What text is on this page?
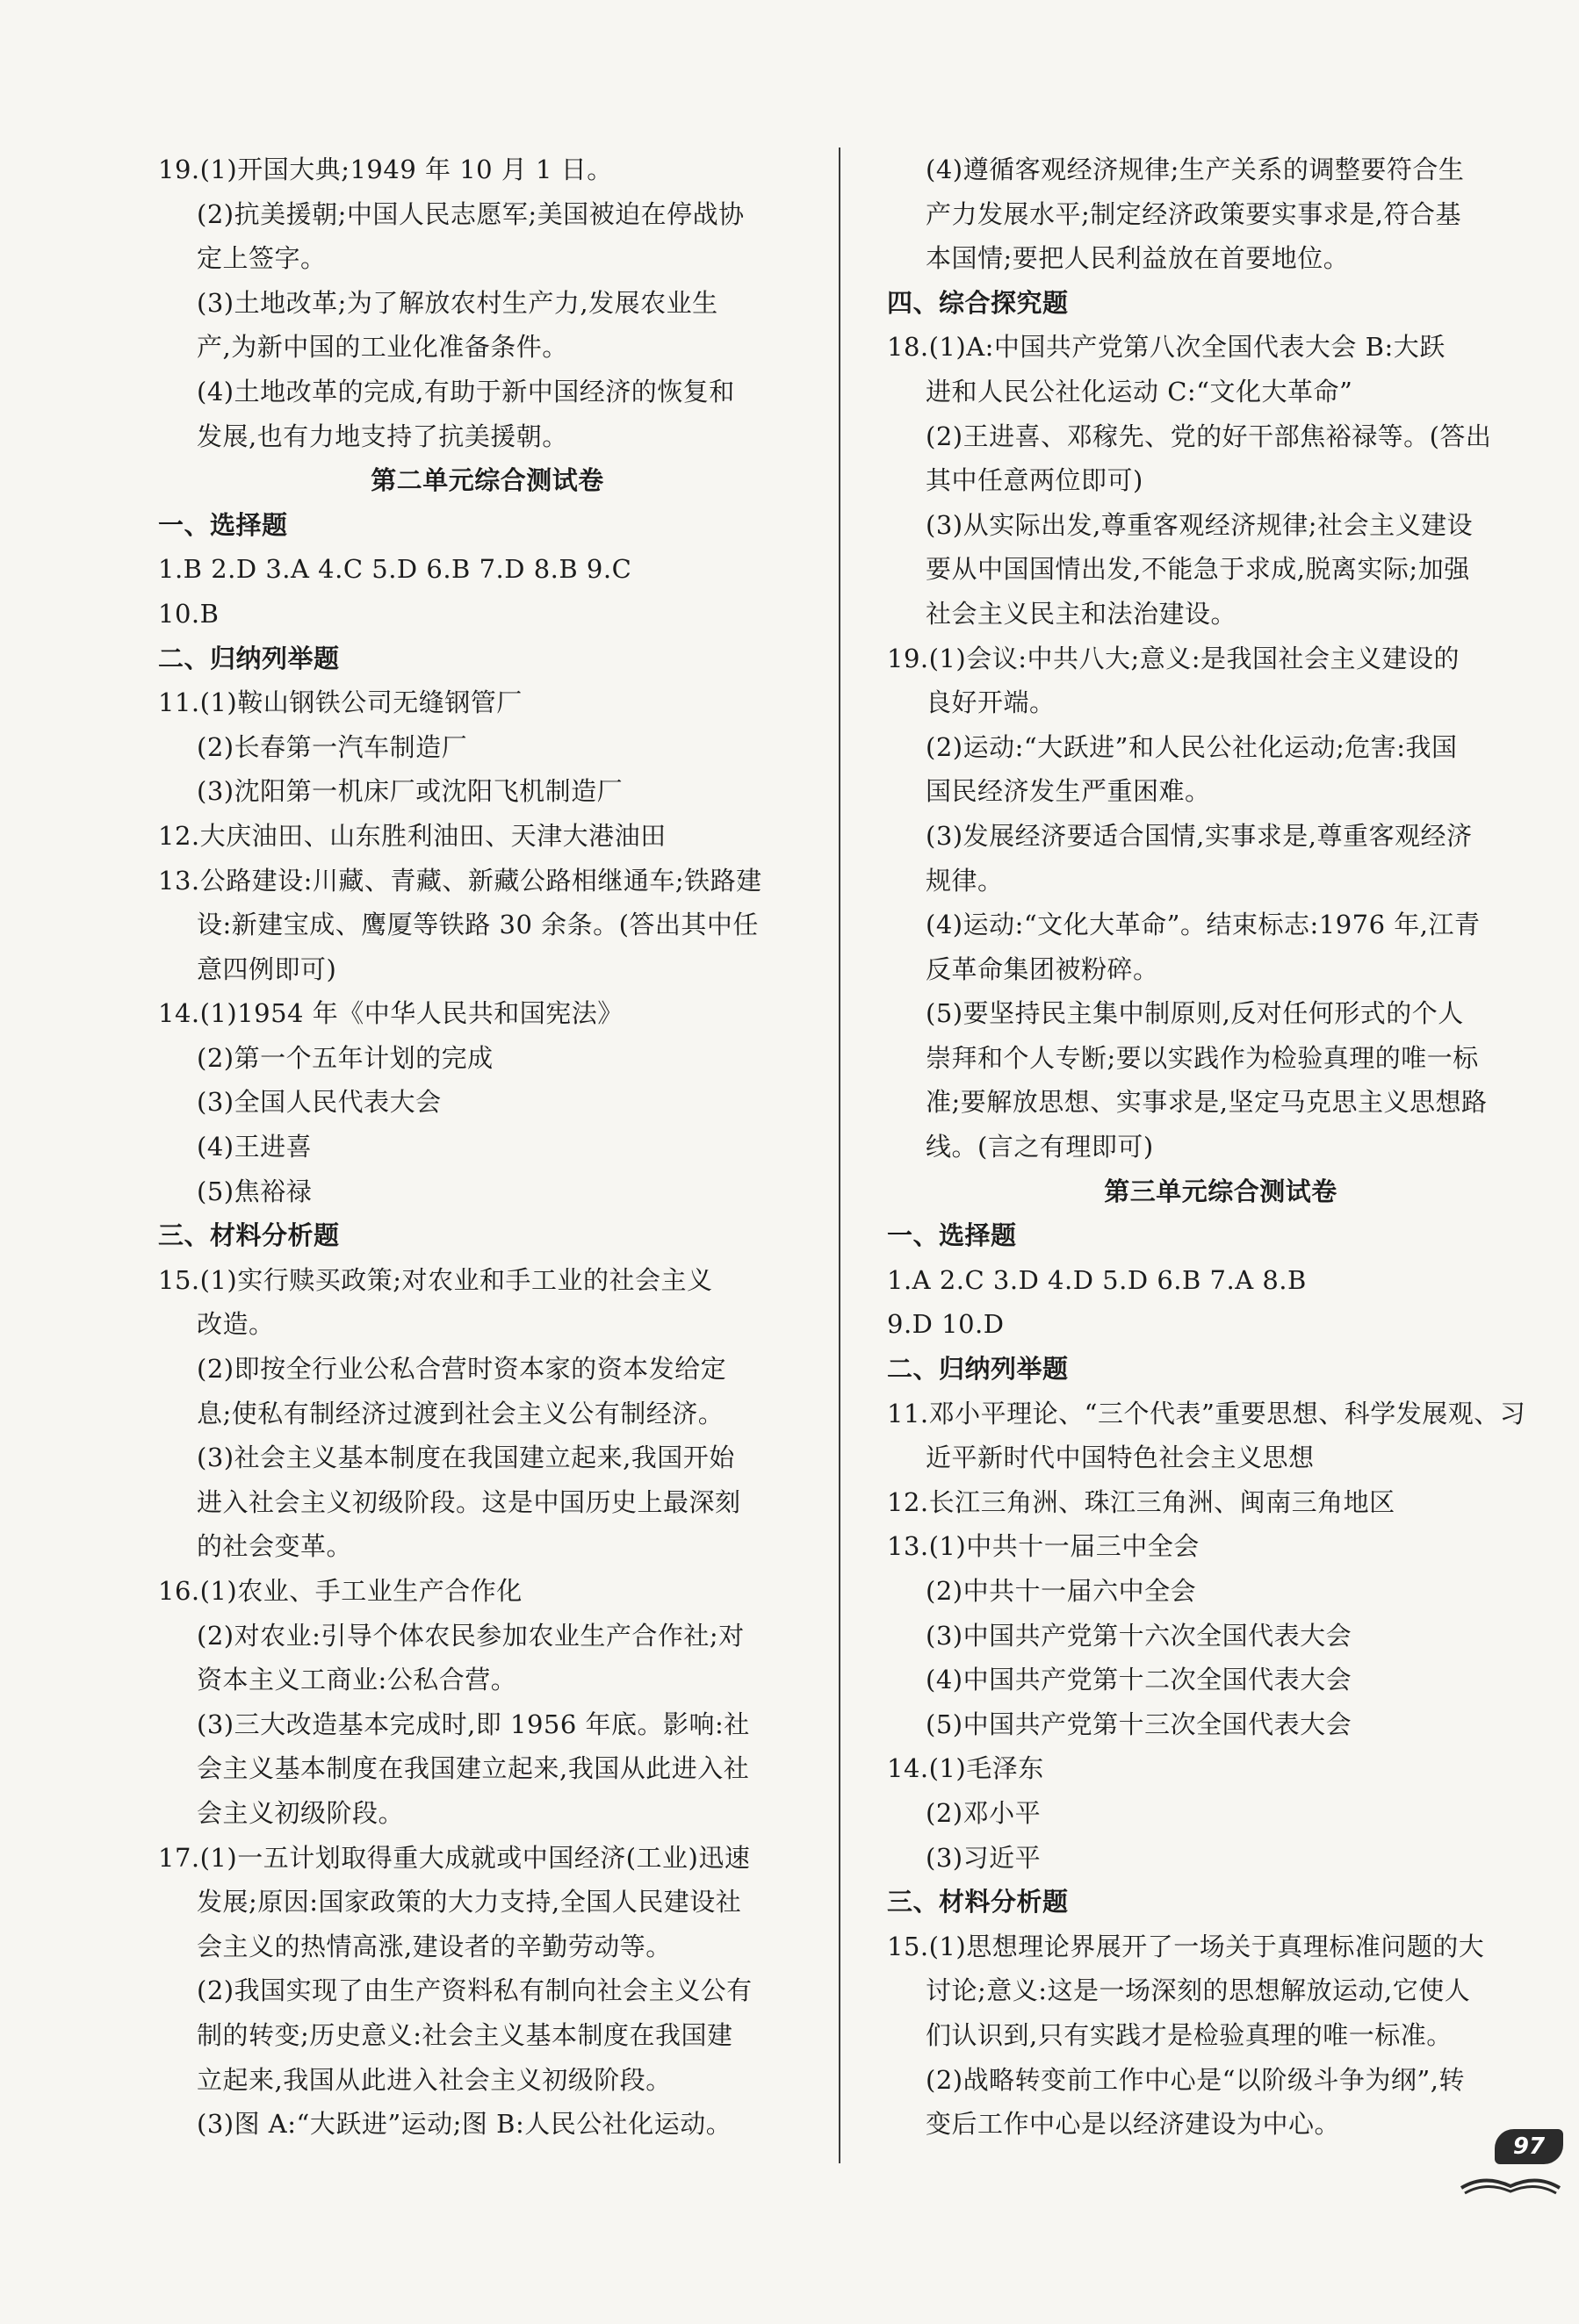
19.(1)开国大典;1949 年 10 月 1 日。
(2)抗美援朝;中国人民志愿军;美国被迫在停战协
定上签字。
(3)土地改革;为了解放农村生产力,发展农业生
产,为新中国的工业化准备条件。
(4)土地改革的完成,有助于新中国经济的恢复和
发展,也有力地支持了抗美援朝。
第二单元综合测试卷
一、选择题
1.B 2.D 3.A 4.C 5.D 6.B 7.D 8.B 9.C
10.B
二、归纳列举题
11.(1)鞍山钢铁公司无缝钢管厂
(2)长春第一汽车制造厂
(3)沈阳第一机床厂或沈阳飞机制造厂
12.大庆油田、山东胜利油田、天津大港油田
13.公路建设:川藏、青藏、新藏公路相继通车;铁路建
设:新建宝成、鹰厦等铁路 30 余条。(答出其中任
意四例即可)
14.(1)1954 年《中华人民共和国宪法》
(2)第一个五年计划的完成
(3)全国人民代表大会
(4)王进喜
(5)焦裕禄
三、材料分析题
15.(1)实行赎买政策;对农业和手工业的社会主义
改造。
(2)即按全行业公私合营时资本家的资本发给定
息;使私有制经济过渡到社会主义公有制经济。
(3)社会主义基本制度在我国建立起来,我国开始
进入社会主义初级阶段。这是中国历史上最深刻
的社会变革。
16.(1)农业、手工业生产合作化
(2)对农业:引导个体农民参加农业生产合作社;对
资本主义工商业:公私合营。
(3)三大改造基本完成时,即 1956 年底。影响:社
会主义基本制度在我国建立起来,我国从此进入社
会主义初级阶段。
17.(1)一五计划取得重大成就或中国经济(工业)迅速
发展;原因:国家政策的大力支持,全国人民建设社
会主义的热情高涨,建设者的辛勤劳动等。
(2)我国实现了由生产资料私有制向社会主义公有
制的转变;历史意义:社会主义基本制度在我国建
立起来,我国从此进入社会主义初级阶段。
(3)图 A:“大跃进”运动;图 B:人民公社化运动。
(4)遵循客观经济规律;生产关系的调整要符合生
产力发展水平;制定经济政策要实事求是,符合基
本国情;要把人民利益放在首要地位。
四、综合探究题
18.(1)A:中国共产党第八次全国代表大会 B:大跃
进和人民公社化运动 C:“文化大革命”
(2)王进喜、邓稼先、党的好干部焦裕禄等。(答出
其中任意两位即可)
(3)从实际出发,尊重客观经济规律;社会主义建设
要从中国国情出发,不能急于求成,脱离实际;加强
社会主义民主和法治建设。
19.(1)会议:中共八大;意义:是我国社会主义建设的
良好开端。
(2)运动:“大跃进”和人民公社化运动;危害:我国
国民经济发生严重困难。
(3)发展经济要适合国情,实事求是,尊重客观经济
规律。
(4)运动:“文化大革命”。结束标志:1976 年,江青
反革命集团被粉碎。
(5)要坚持民主集中制原则,反对任何形式的个人
崇拜和个人专断;要以实践作为检验真理的唯一标
准;要解放思想、实事求是,坚定马克思主义思想路
线。(言之有理即可)
第三单元综合测试卷
一、选择题
1.A 2.C 3.D 4.D 5.D 6.B 7.A 8.B
9.D 10.D
二、归纳列举题
11.邓小平理论、“三个代表”重要思想、科学发展观、习
近平新时代中国特色社会主义思想
12.长江三角洲、珠江三角洲、闽南三角地区
13.(1)中共十一届三中全会
(2)中共十一届六中全会
(3)中国共产党第十六次全国代表大会
(4)中国共产党第十二次全国代表大会
(5)中国共产党第十三次全国代表大会
14.(1)毛泽东
(2)邓小平
(3)习近平
三、材料分析题
15.(1)思想理论界展开了一场关于真理标准问题的大
讨论;意义:这是一场深刻的思想解放运动,它使人
们认识到,只有实践才是检验真理的唯一标准。
(2)战略转变前工作中心是“以阶级斗争为纲”,转
变后工作中心是以经济建设为中心。
97
